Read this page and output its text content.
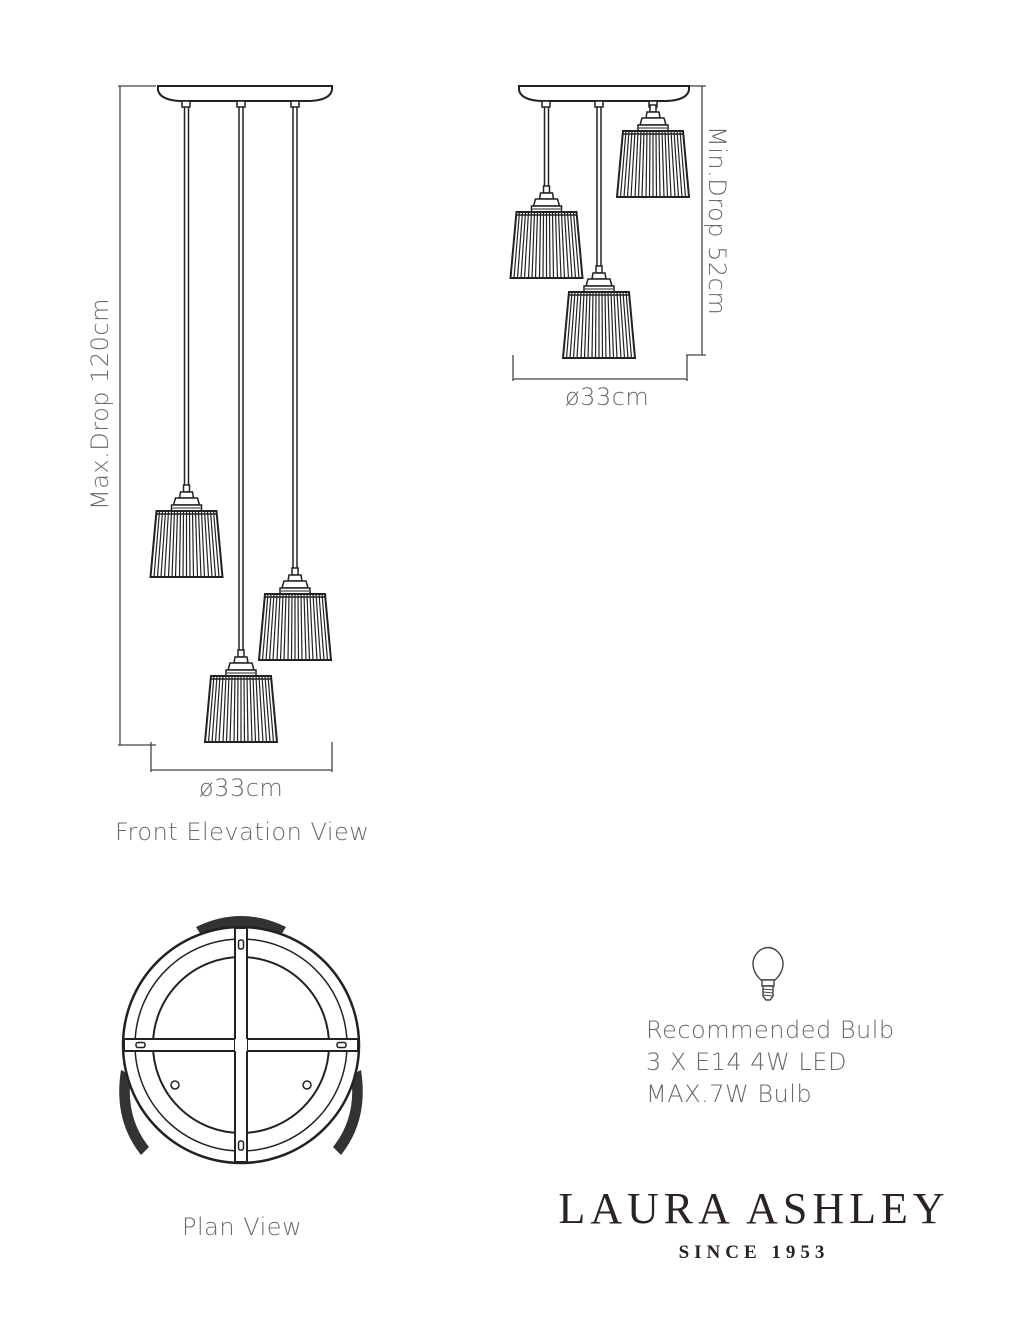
Max.Drop 120cm
ø33cm
Front Elevation View
Min.Drop 52cm
ø33cm
Plan View
Recommended Bulb
3 X E14 4W LED
MAX.7W Bulb
LAURA ASHLEY
SINCE 1953
